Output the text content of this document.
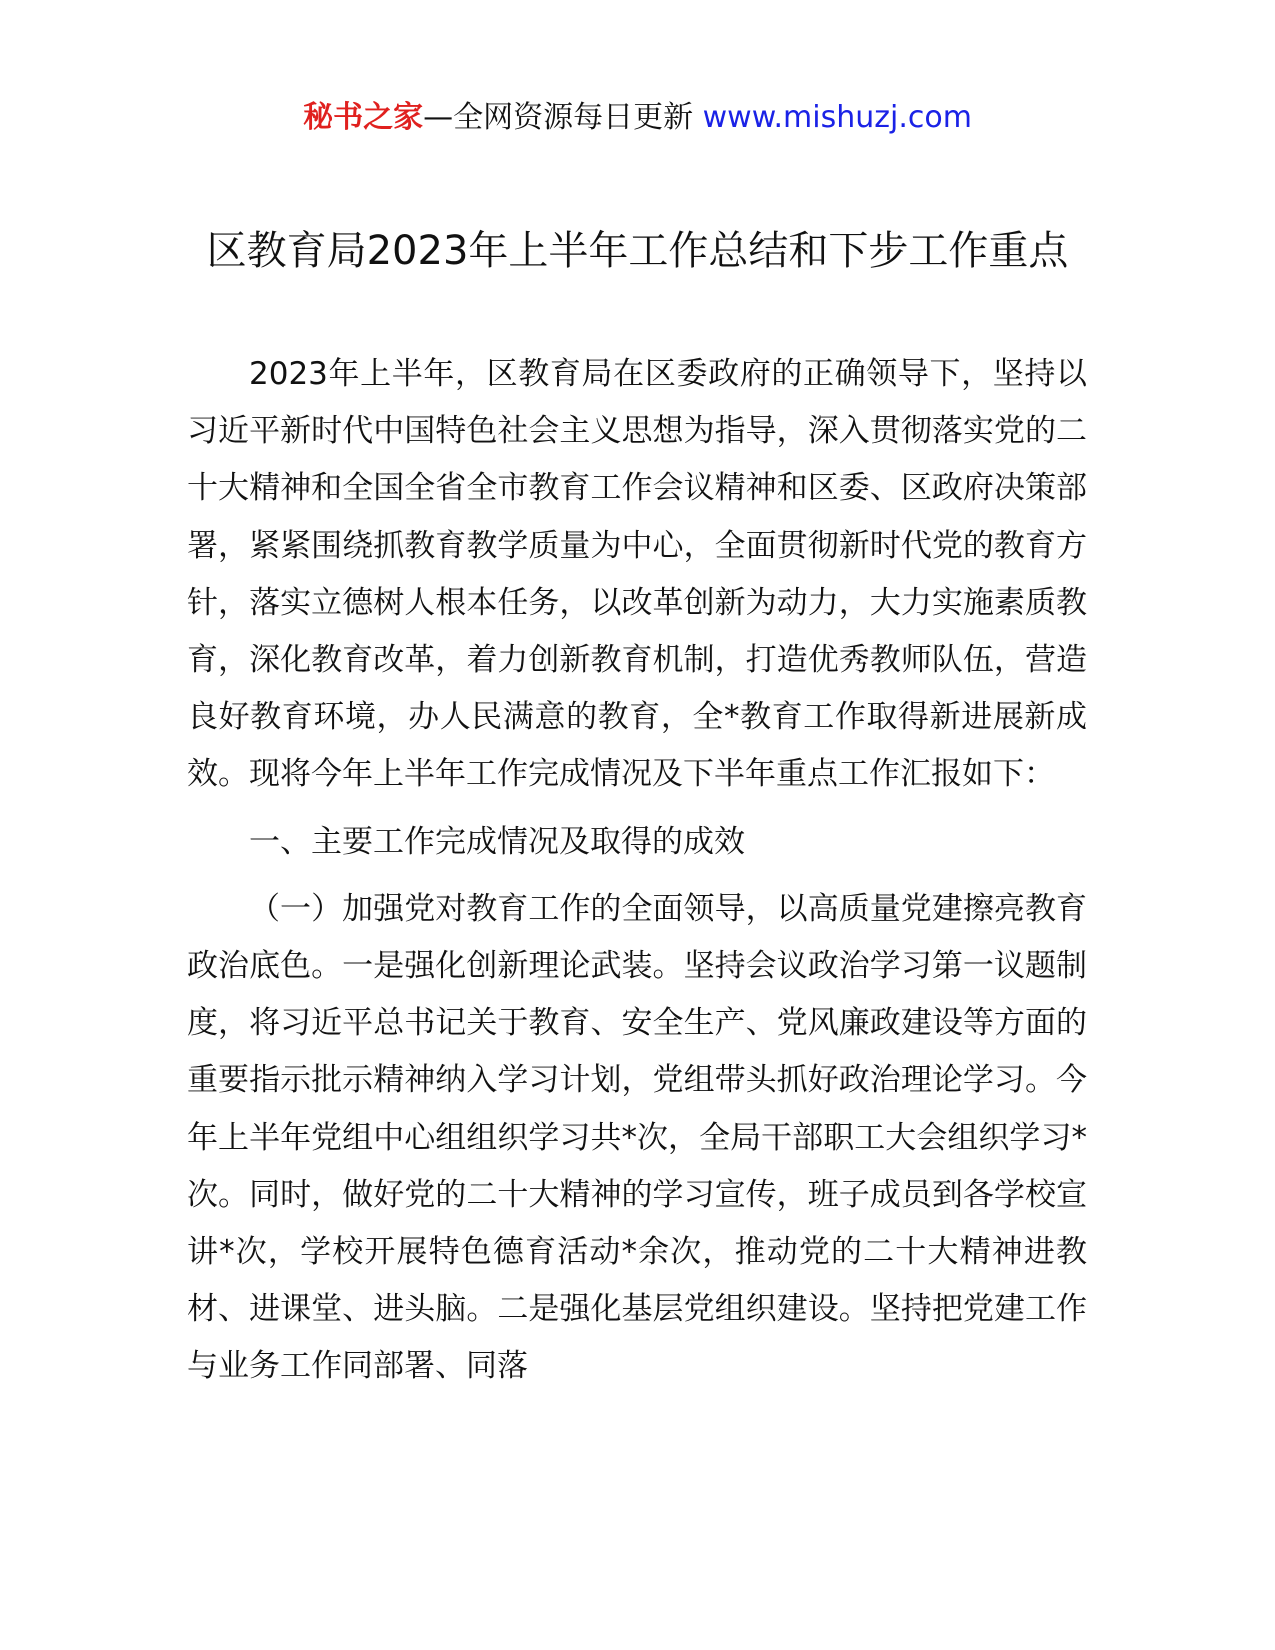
秘书之家—全网资源每日更新 www.mishuzj.com
区教育局2023年上半年工作总结和下步工作重点

2023年上半年，区教育局在区委政府的正确领导下，坚持以习近平新时代中国特色社会主义思想为指导，深入贯彻落实党的二十大精神和全国全省全市教育工作会议精神和区委、区政府决策部署，紧紧围绕抓教育教学质量为中心，全面贯彻新时代党的教育方针，落实立德树人根本任务，以改革创新为动力，大力实施素质教育，深化教育改革，着力创新教育机制，打造优秀教师队伍，营造良好教育环境，办人民满意的教育，全*教育工作取得新进展新成效。现将今年上半年工作完成情况及下半年重点工作汇报如下：

一、主要工作完成情况及取得的成效

（一）加强党对教育工作的全面领导，以高质量党建擦亮教育政治底色。一是强化创新理论武装。坚持会议政治学习第一议题制度，将习近平总书记关于教育、安全生产、党风廉政建设等方面的重要指示批示精神纳入学习计划，党组带头抓好政治理论学习。今年上半年党组中心组组织学习共*次，全局干部职工大会组织学习*次。同时，做好党的二十大精神的学习宣传，班子成员到各学校宣讲*次，学校开展特色德育活动*余次，推动党的二十大精神进教材、进课堂、进头脑。二是强化基层党组织建设。坚持把党建工作与业务工作同部署、同落
